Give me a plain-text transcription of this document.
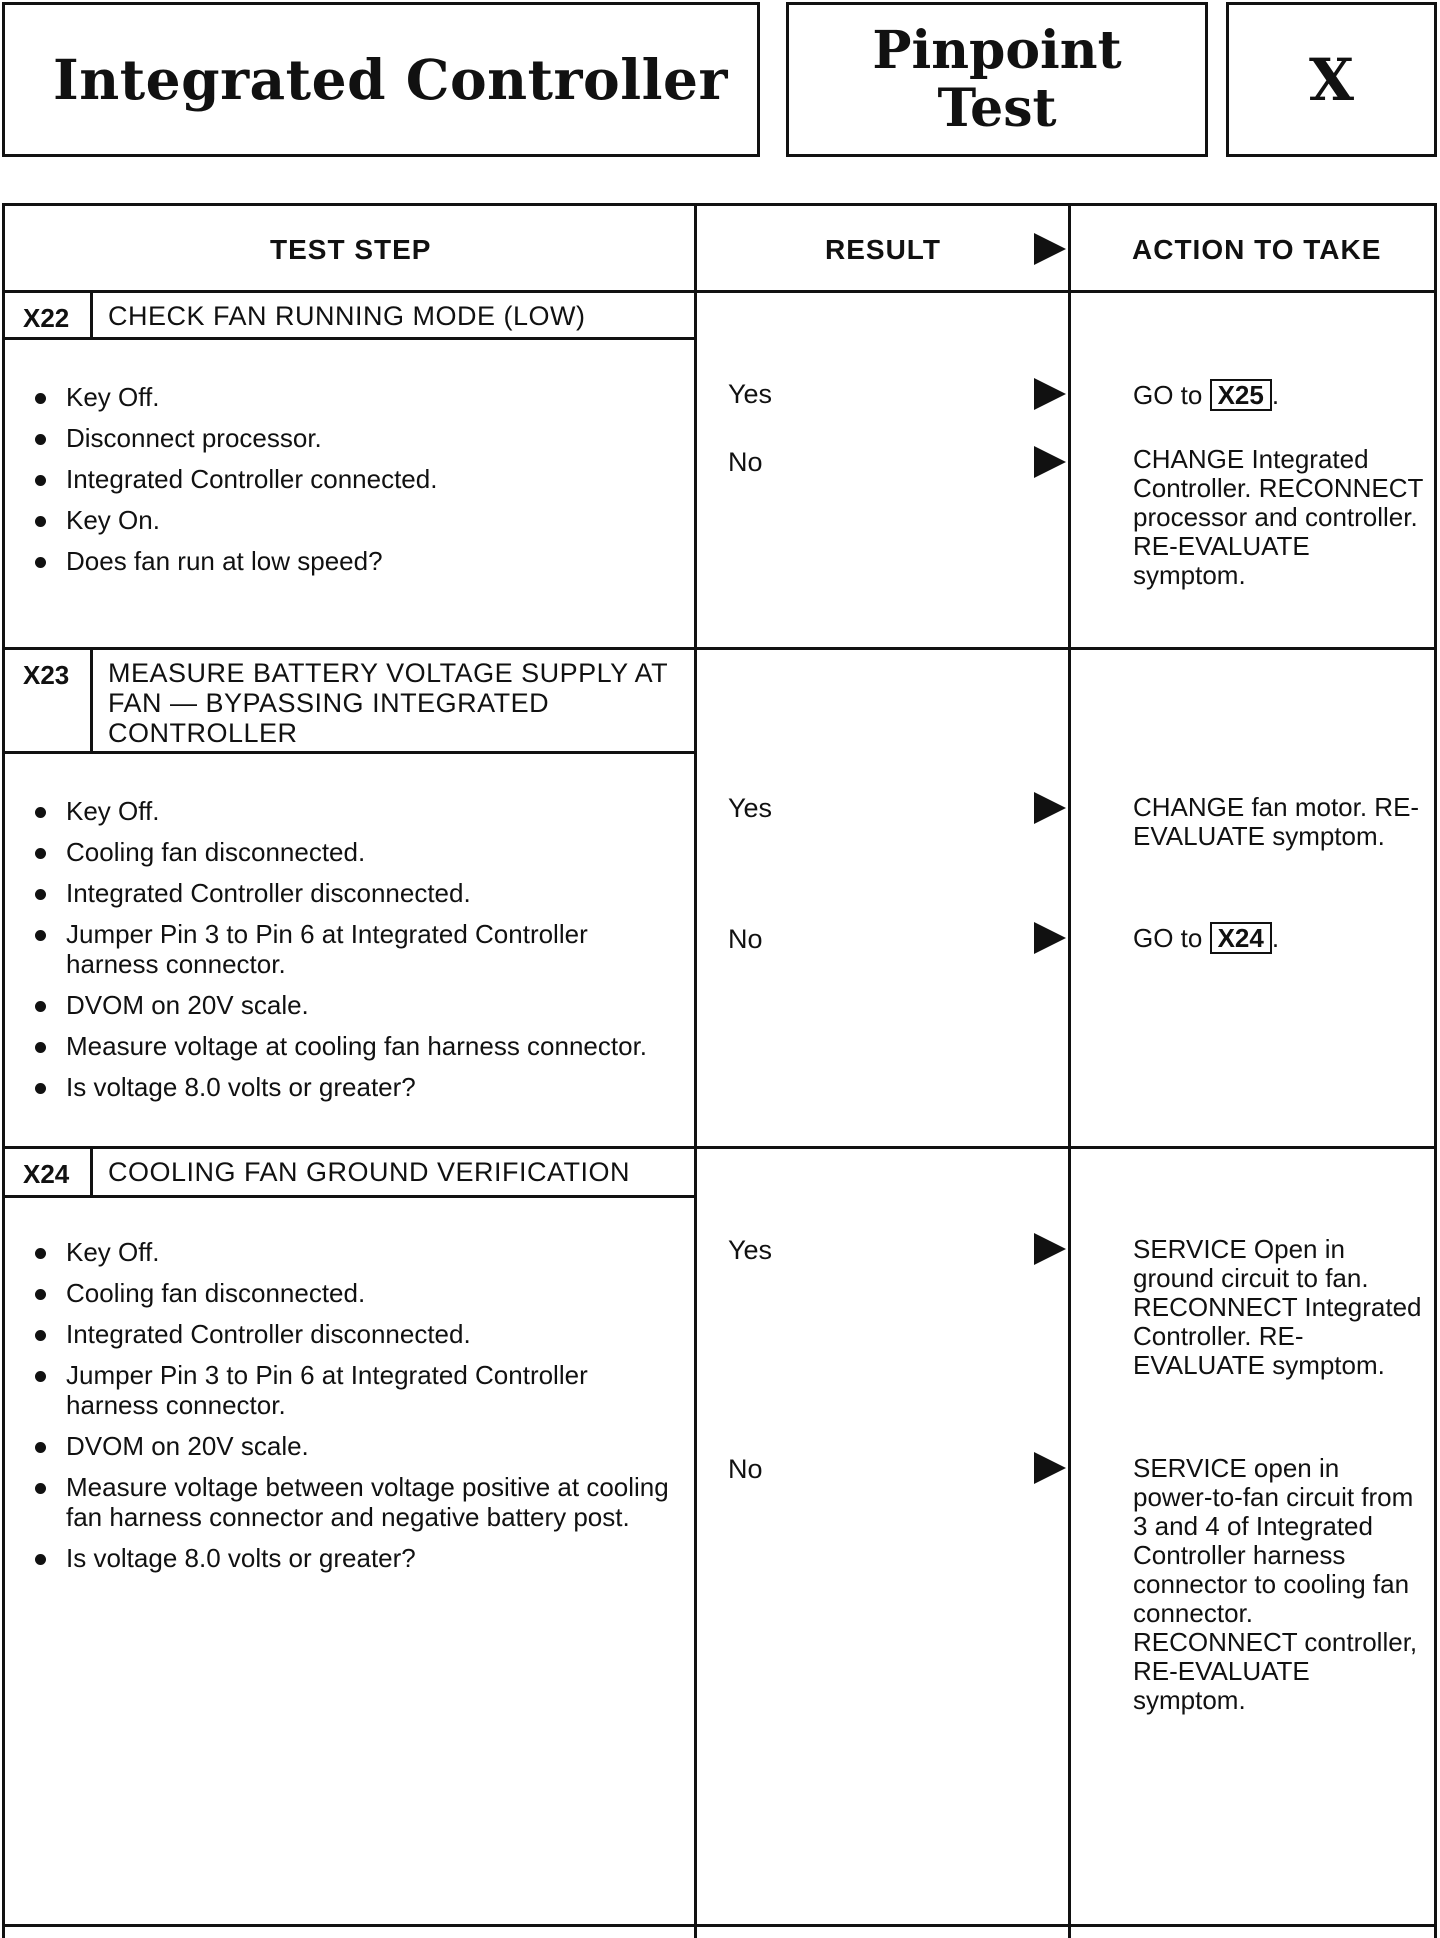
Integrated Controller	Pinpoint
Test	X
TEST STEP	RESULT	ACTION TO TAKE
X22	CHECK FAN RUNNING MODE (LOW)
Key Off.
Disconnect processor.
Integrated Controller connected.
Key On.
Does fan run at low speed?
Yes	GO to X25 .
No	CHANGE Integrated Controller. RECONNECT processor and controller. RE-EVALUATE symptom.
X23	MEASURE BATTERY VOLTAGE SUPPLY AT FAN — BYPASSING INTEGRATED CONTROLLER
Key Off.
Cooling fan disconnected.
Integrated Controller disconnected.
Jumper Pin 3 to Pin 6 at Integrated Controller harness connector.
DVOM on 20V scale.
Measure voltage at cooling fan harness connector.
Is voltage 8.0 volts or greater?
Yes	CHANGE fan motor. RE-EVALUATE symptom.
No	GO to X24 .
X24	COOLING FAN GROUND VERIFICATION
Key Off.
Cooling fan disconnected.
Integrated Controller disconnected.
Jumper Pin 3 to Pin 6 at Integrated Controller harness connector.
DVOM on 20V scale.
Measure voltage between voltage positive at cooling fan harness connector and negative battery post.
Is voltage 8.0 volts or greater?
Yes	SERVICE Open in ground circuit to fan. RECONNECT Integrated Controller. RE-EVALUATE symptom.
No	SERVICE open in power-to-fan circuit from 3 and 4 of Integrated Controller harness connector to cooling fan connector. RECONNECT controller, RE-EVALUATE symptom.
